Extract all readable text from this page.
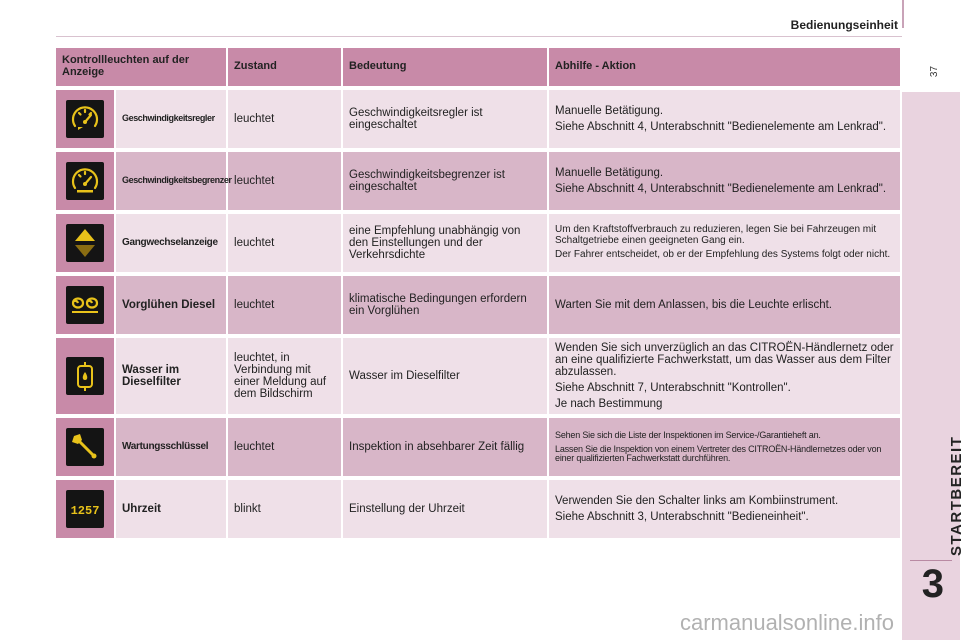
Bedienungseinheit
37
STARTBEREIT
3
Kontrollleuchten auf der Anzeige		Zustand	Bedeutung	Abhilfe - Aktion

	Geschwindigkeitsregler	leuchtet	Geschwindigkeitsregler ist eingeschaltet	Manuelle Betätigung.
Siehe Abschnitt 4, Unterabschnitt "Bedienelemente am Lenkrad".

	Geschwindigkeitsbegrenzer	leuchtet	Geschwindigkeitsbegrenzer ist eingeschaltet	Manuelle Betätigung.
Siehe Abschnitt 4, Unterabschnitt "Bedienelemente am Lenkrad".

	Gangwechselanzeige	leuchtet	eine Empfehlung unabhängig von den Einstellungen und der Verkehrsdichte	Um den Kraftstoffverbrauch zu reduzieren, legen Sie bei Fahrzeugen mit Schaltgetriebe einen geeigneten Gang ein.
Der Fahrer entscheidet, ob er der Empfehlung des Systems folgt oder nicht.

	Vorglühen Diesel	leuchtet	klimatische Bedingungen erfordern ein Vorglühen	Warten Sie mit dem Anlassen, bis die Leuchte erlischt.

	Wasser im Dieselfilter	leuchtet, in Verbindung mit einer Meldung auf dem Bildschirm	Wasser im Dieselfilter	Wenden Sie sich unverzüglich an das CITROËN-Händlernetz oder an eine qualifizierte Fachwerkstatt, um das Wasser aus dem Filter abzulassen.
Siehe Abschnitt 7, Unterabschnitt "Kontrollen".
Je nach Bestimmung

	Wartungsschlüssel	leuchtet	Inspektion in absehbarer Zeit fällig	Sehen Sie sich die Liste der Inspektionen im Service-/Garantieheft an.
Lassen Sie die Inspektion von einem Vertreter des CITROËN-Händlernetzes oder von einer qualifizierten Fachwerkstatt durchführen.

1257	Uhrzeit	blinkt	Einstellung der Uhrzeit	Verwenden Sie den Schalter links am Kombiinstrument.
Siehe Abschnitt 3, Unterabschnitt "Bedieneinheit".
carmanualsonline.info
